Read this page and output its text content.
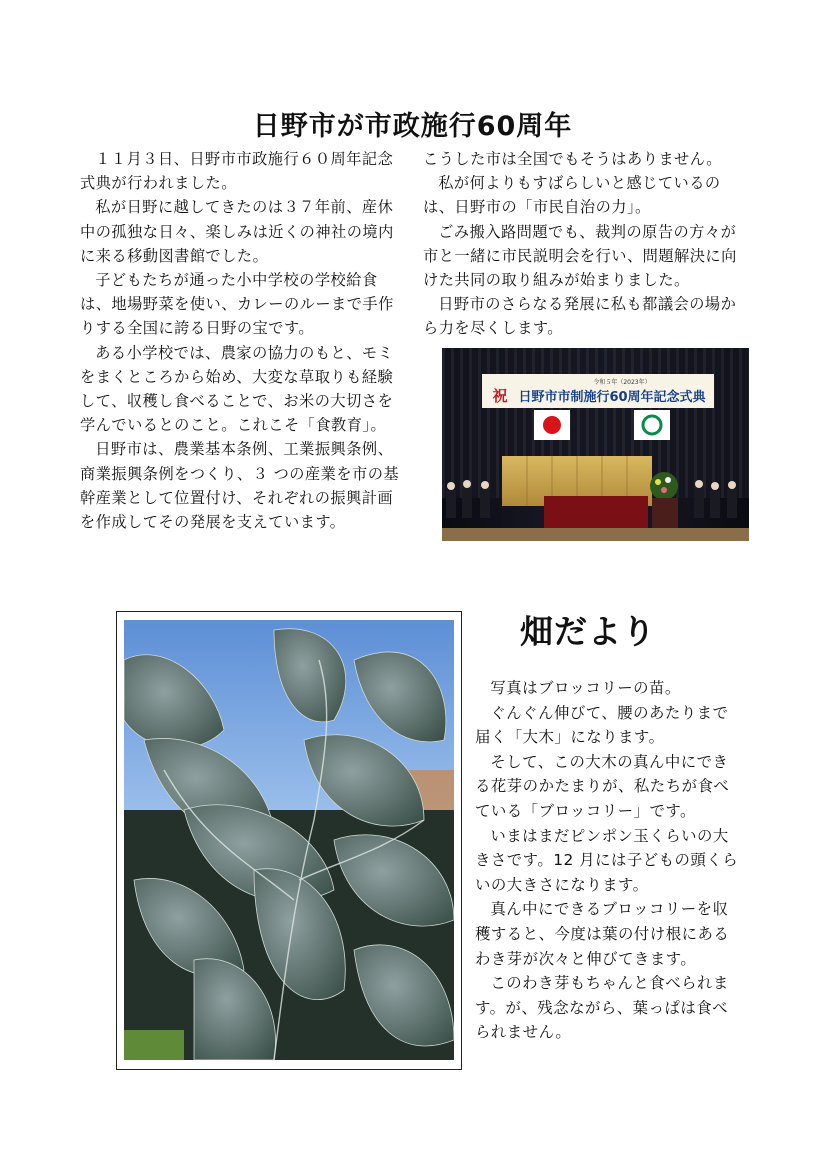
日野市が市政施行60周年

１１月３日、日野市市政施行６０周年記念式典が行われました。

私が日野に越してきたのは３７年前、産休中の孤独な日々、楽しみは近くの神社の境内に来る移動図書館でした。

子どもたちが通った小中学校の学校給食は、地場野菜を使い、カレーのルーまで手作りする全国に誇る日野の宝です。

ある小学校では、農家の協力のもと、モミをまくところから始め、大変な草取りも経験して、収穫し食べることで、お米の大切さを学んでいるとのこと。これこそ「食教育」。

日野市は、農業基本条例、工業振興条例、商業振興条例をつくり、３ つの産業を市の基幹産業として位置付け、それぞれの振興計画を作成してその発展を支えています。

こうした市は全国でもそうはありません。

私が何よりもすばらしいと感じているのは、日野市の「市民自治の力」。

ごみ搬入路問題でも、裁判の原告の方々が市と一緒に市民説明会を行い、問題解決に向けた共同の取り組みが始まりました。

日野市のさらなる発展に私も都議会の場から力を尽くします。

令和５年（2023年）
祝 日野市市制施行60周年記念式典
畑だより

写真はブロッコリーの苗。

ぐんぐん伸びて、腰のあたりまで届く「大木」になります。

そして、この大木の真ん中にできる花芽のかたまりが、私たちが食べている「ブロッコリー」です。

いまはまだピンポン玉くらいの大きさです。12 月には子どもの頭くらいの大きさになります。

真ん中にできるブロッコリーを収穫すると、今度は葉の付け根にあるわき芽が次々と伸びてきます。

このわき芽もちゃんと食べられます。が、残念ながら、葉っぱは食べられません。
